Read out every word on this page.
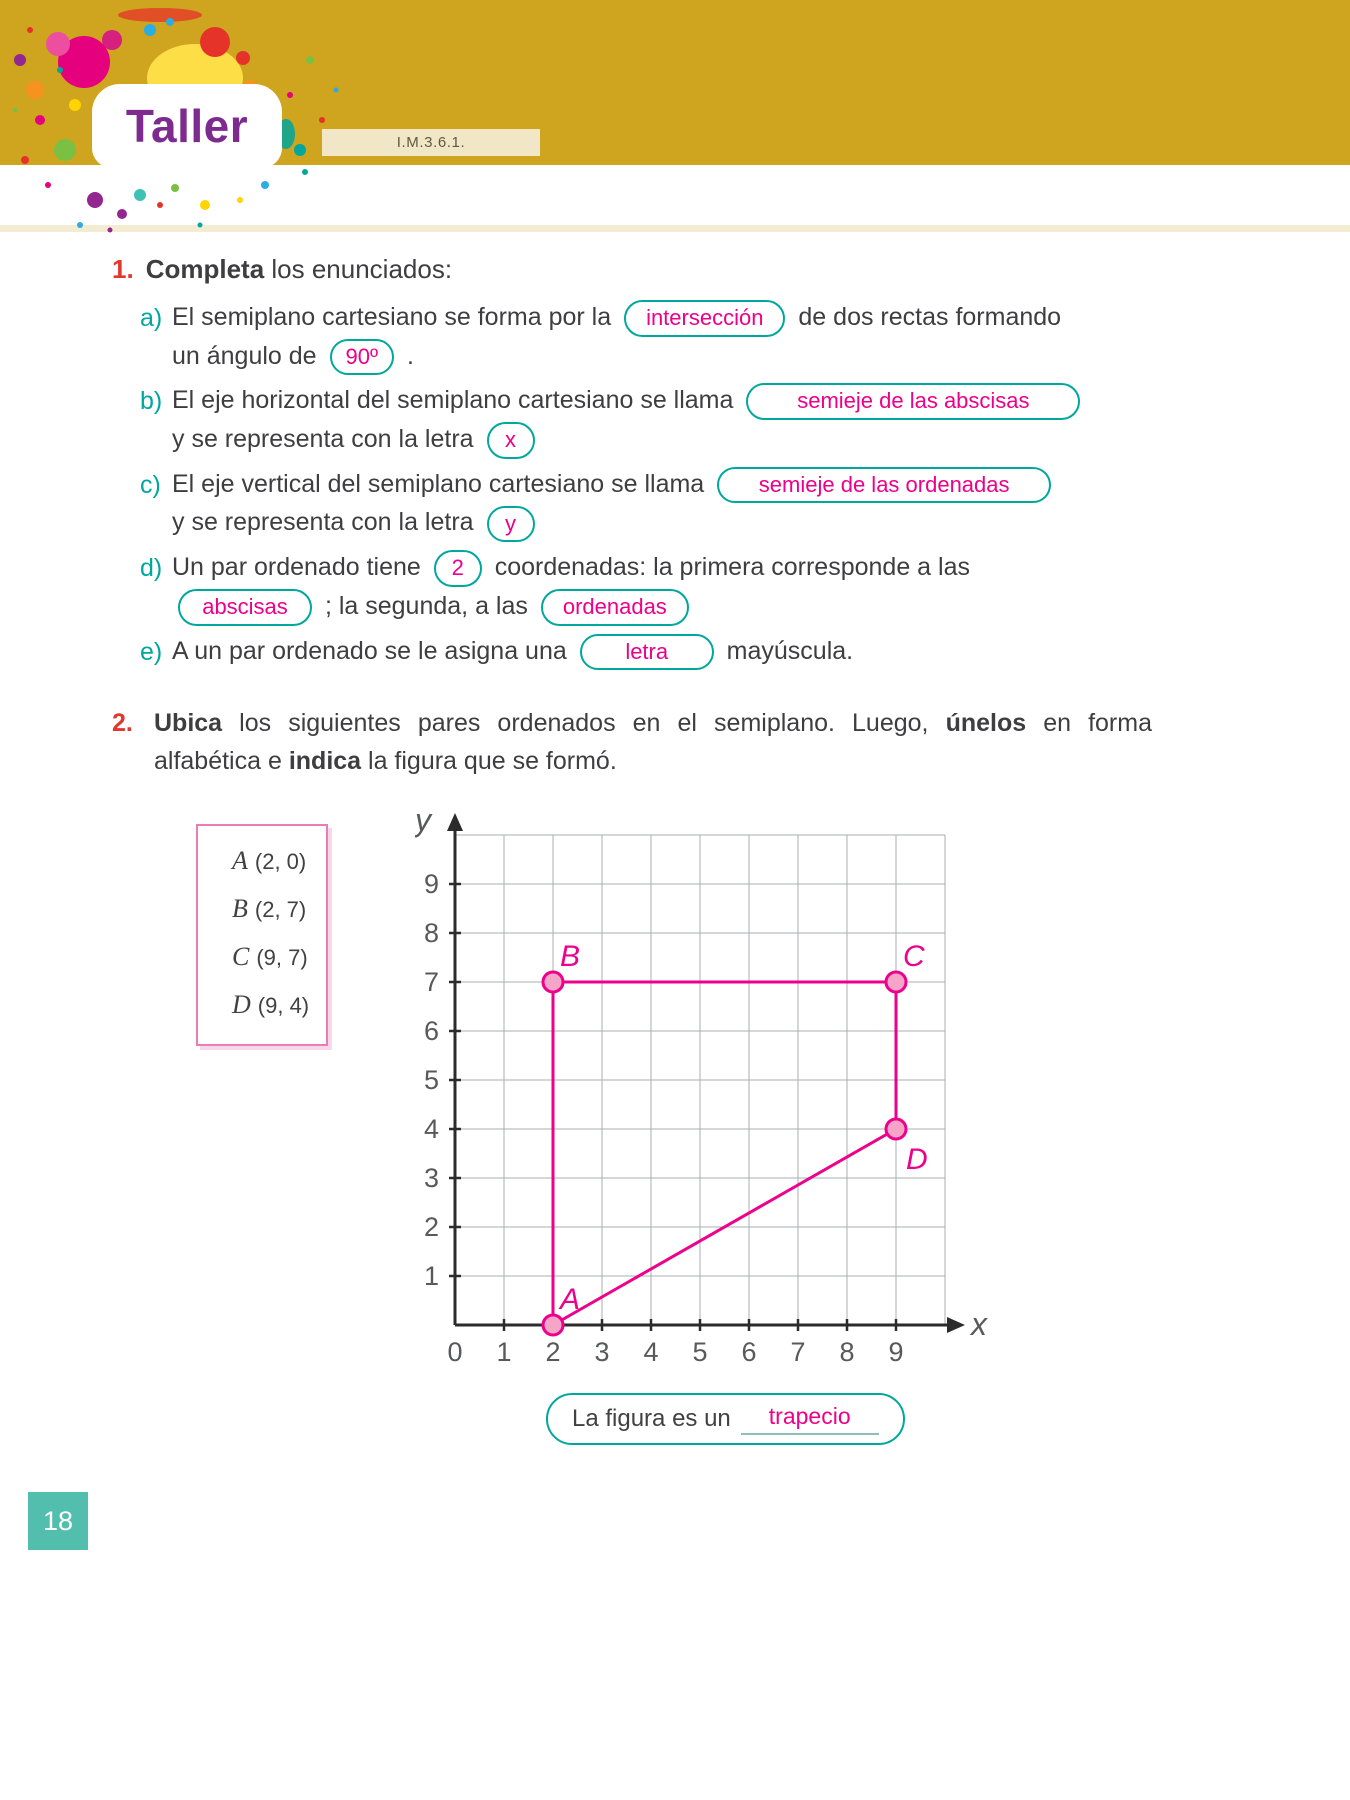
Taller	I.M.3.6.1.
1. Completa los enunciados:
a) El semiplano cartesiano se forma por la intersección de dos rectas formando
un ángulo de 90º .
b) El eje horizontal del semiplano cartesiano se llama	semieje de las abscisas
y se representa con la letra x
c) El eje vertical del semiplano cartesiano se llama semieje de las ordenadas
y se representa con la letra y
d) Un par ordenado tiene 2 coordenadas: la primera corresponde a las
abscisas ; la segunda, a las ordenadas
e) A un par ordenado se le asigna una	letra mayúscula.
2. Ubica los siguientes pares ordenados en el semiplano. Luego, únelos en forma alfabética e indica la figura que se formó.
A (2, 0)
B (2, 7)
C (9, 7)
D (9, 4)
0 1 2 3 4 5 6 7 8 9
1
2
3
4
5
6
7
8
9
y
x
A
B	C
D
La figura es un	trapecio
18
